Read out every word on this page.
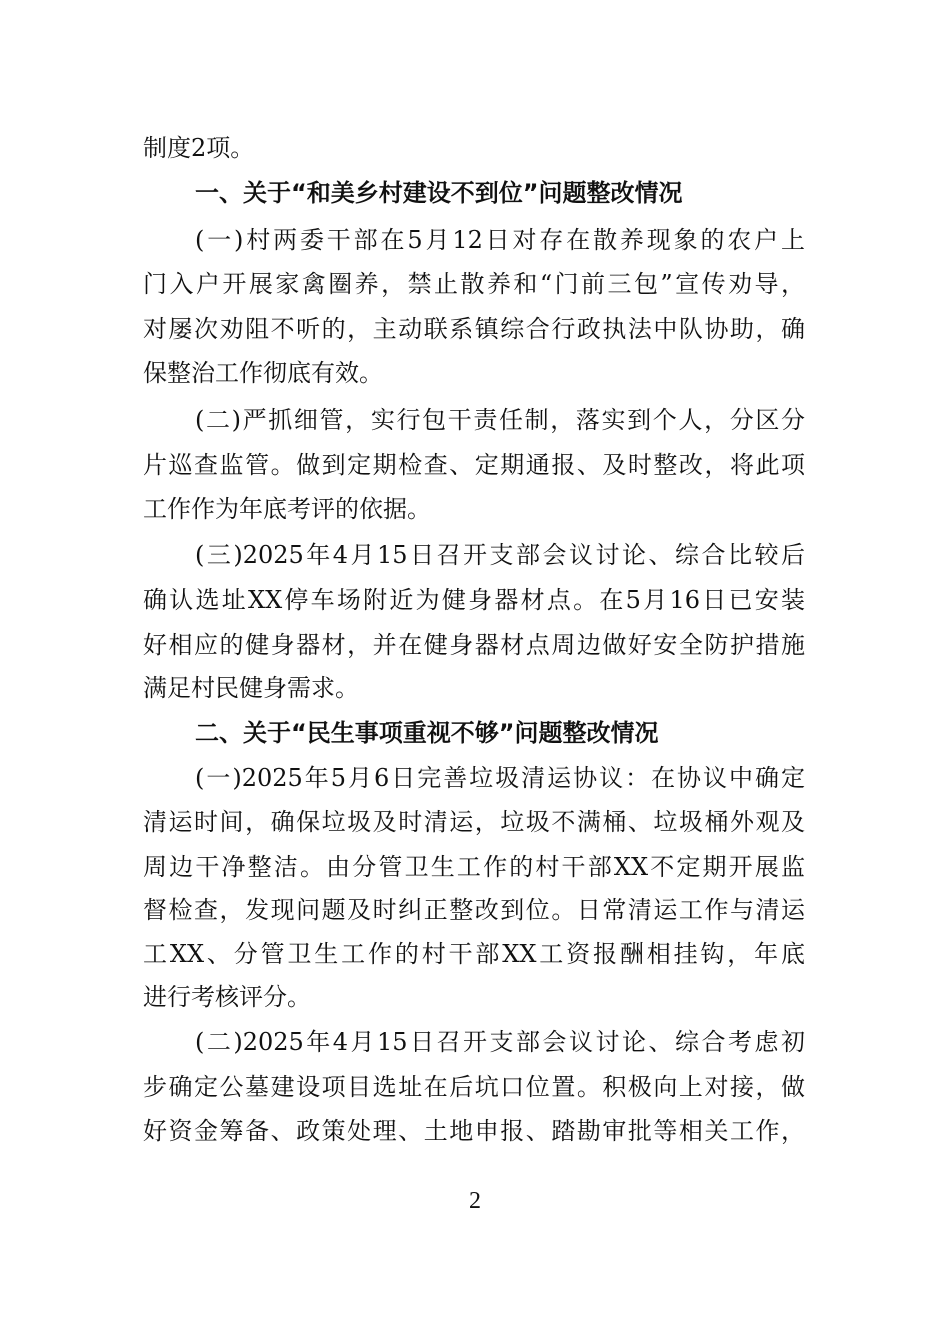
制度2项。
一、关于“和美乡村建设不到位”问题整改情况
(一)村两委干部在5月12日对存在散养现象的农户上
门入户开展家禽圈养，禁止散养和“门前三包”宣传劝导，
对屡次劝阻不听的，主动联系镇综合行政执法中队协助，确
保整治工作彻底有效。
(二)严抓细管，实行包干责任制，落实到个人，分区分
片巡查监管。做到定期检查、定期通报、及时整改，将此项
工作作为年底考评的依据。
(三)2025年4月15日召开支部会议讨论、综合比较后
确认选址XX停车场附近为健身器材点。在5月16日已安装
好相应的健身器材，并在健身器材点周边做好安全防护措施
满足村民健身需求。
二、关于“民生事项重视不够”问题整改情况
(一)2025年5月6日完善垃圾清运协议：在协议中确定
清运时间，确保垃圾及时清运，垃圾不满桶、垃圾桶外观及
周边干净整洁。由分管卫生工作的村干部XX不定期开展监
督检查，发现问题及时纠正整改到位。日常清运工作与清运
工XX、分管卫生工作的村干部XX工资报酬相挂钩，年底
进行考核评分。
(二)2025年4月15日召开支部会议讨论、综合考虑初
步确定公墓建设项目选址在后坑口位置。积极向上对接，做
好资金筹备、政策处理、土地申报、踏勘审批等相关工作，
2
